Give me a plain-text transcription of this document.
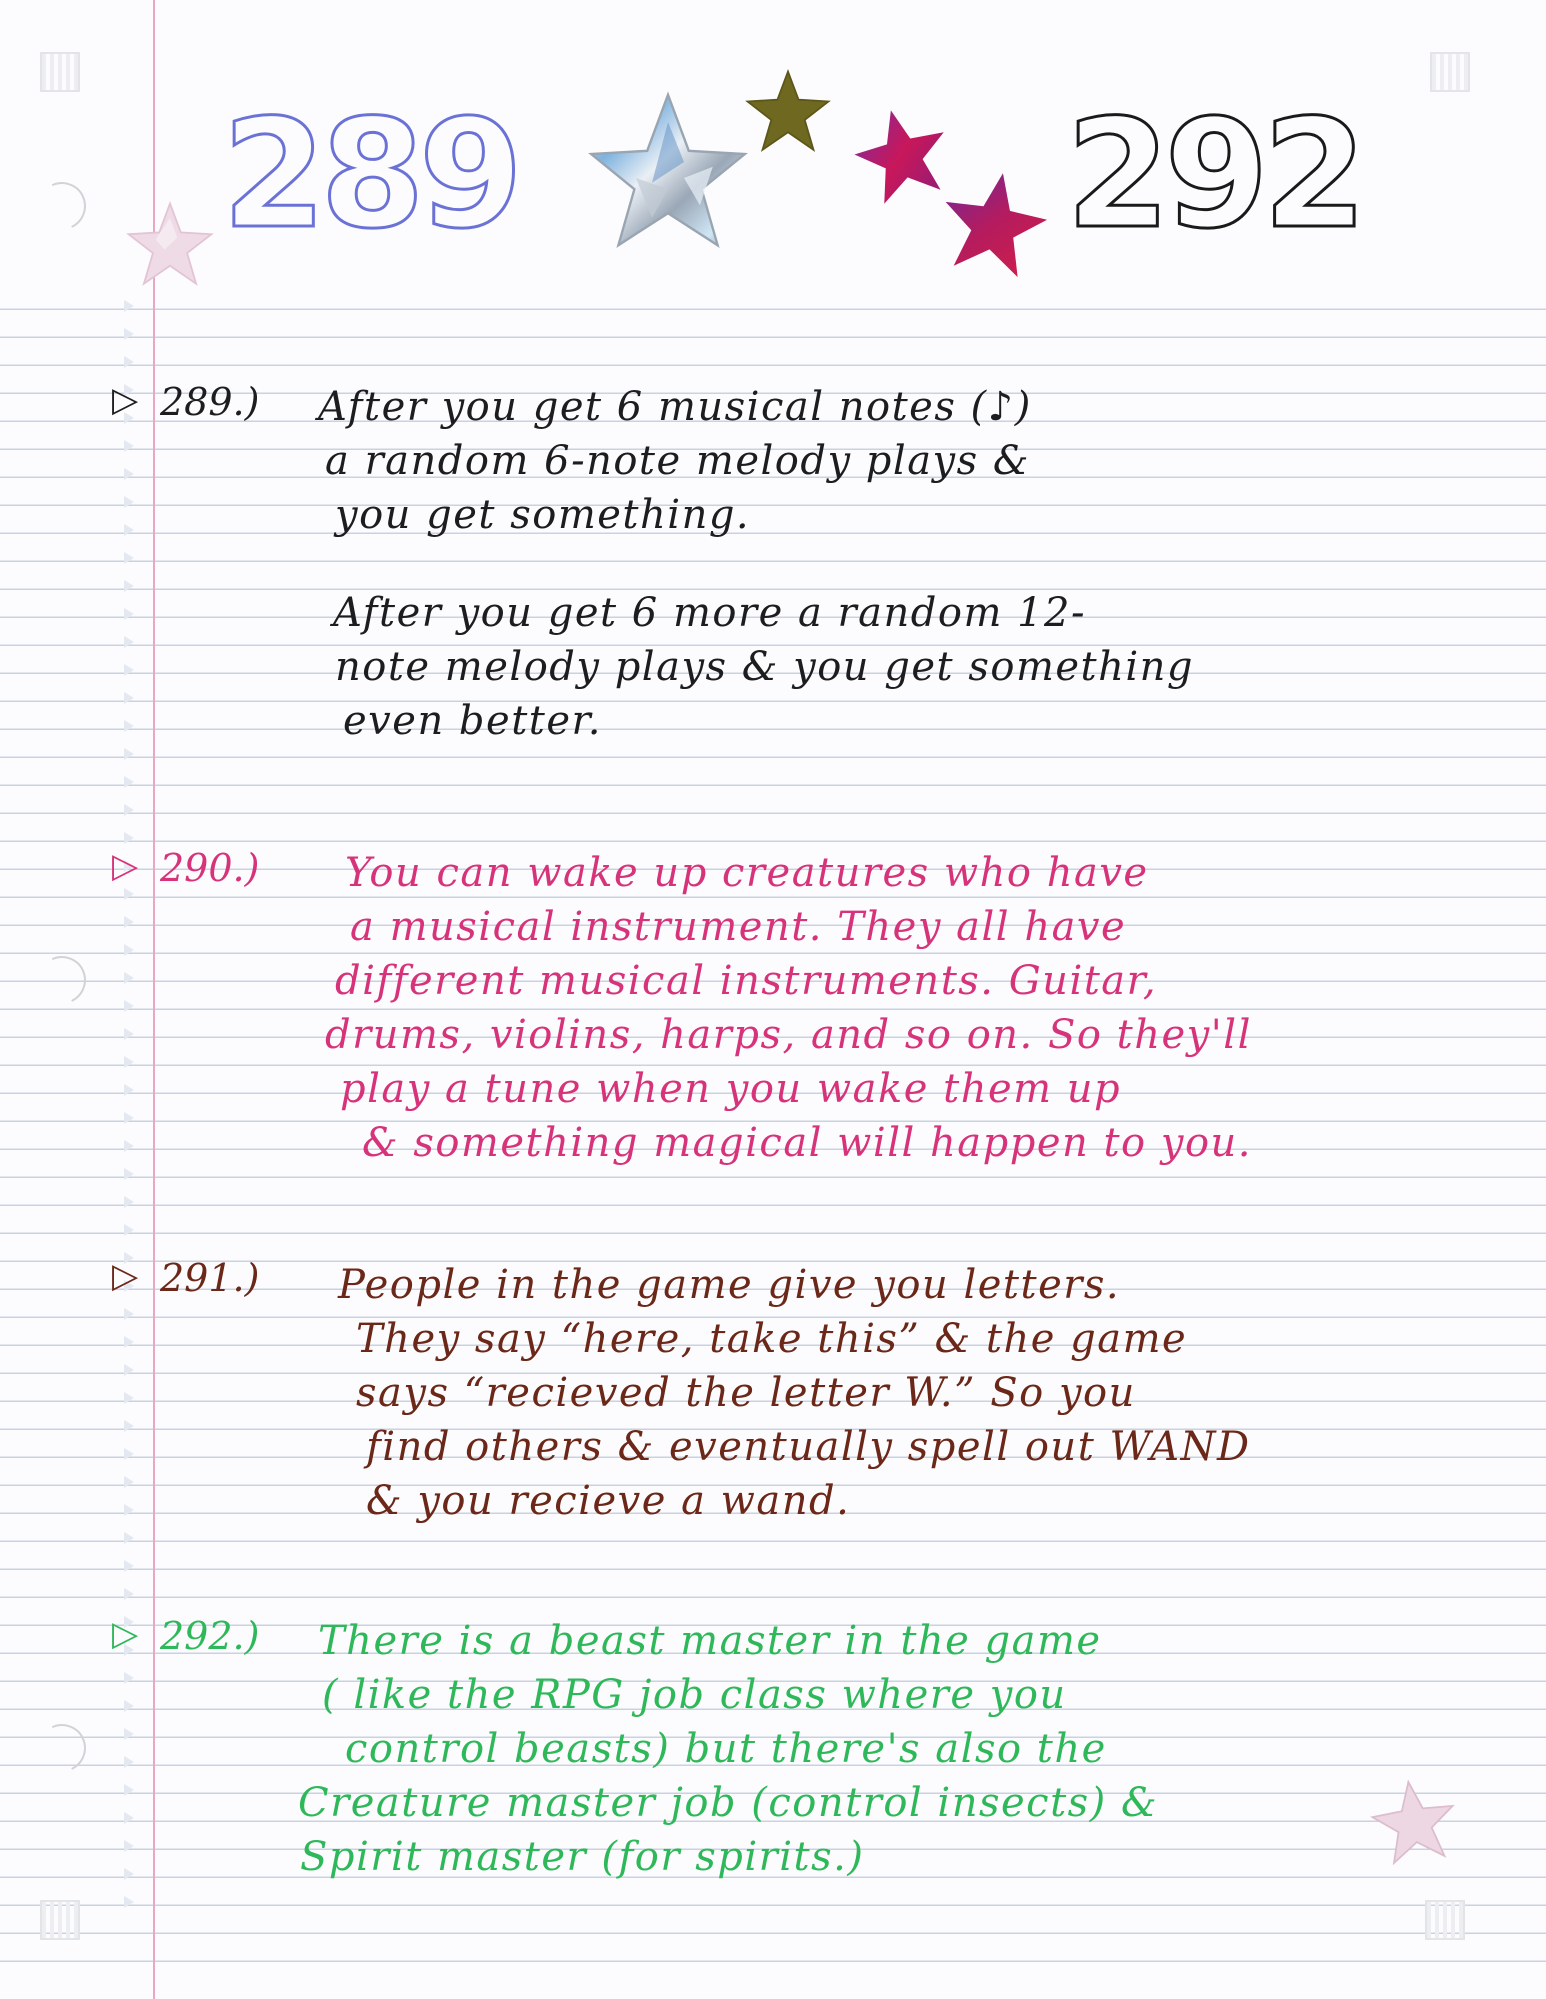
289	292
▷ 289.) After you get 6 musical notes (♪)
a random 6-note melody plays &
you get something.
After you get 6 more a random 12-
note melody plays & you get something
even better.
▷ 290.) You can wake up creatures who have
a musical instrument. They all have
different musical instruments. Guitar,
drums, violins, harps, and so on. So they'll
play a tune when you wake them up
& something magical will happen to you.
▷ 291.) People in the game give you letters.
They say “here, take this” & the game
says “recieved the letter W.” So you
find others & eventually spell out WAND
& you recieve a wand.
▷ 292.) There is a beast master in the game
( like the RPG job class where you
control beasts) but there's also the
Creature master job (control insects) &
Spirit master (for spirits.)
